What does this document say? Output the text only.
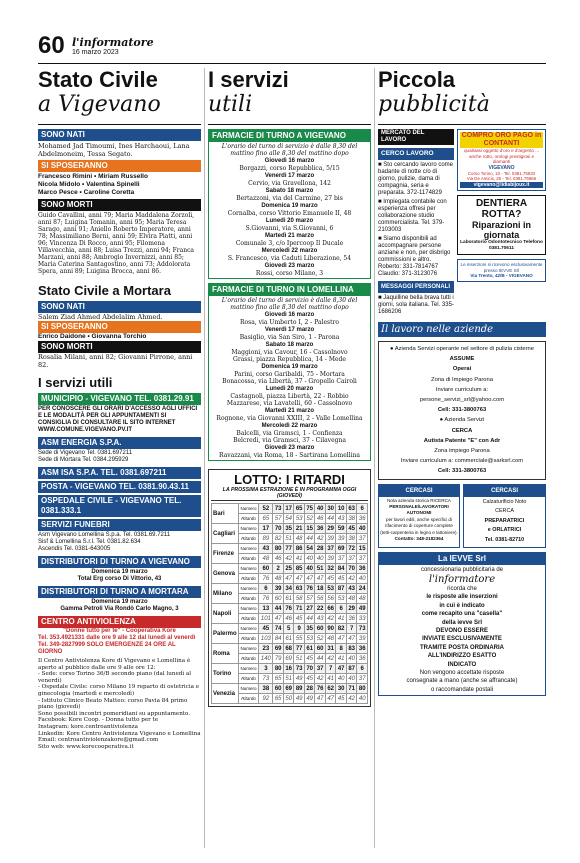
60 l'informatore
16 marzo 2023
Stato Civile
a Vigevano
SONO NATI
Mohamed Jad Timoumi, Ines Harchaoui, Lana Abdelmoneim, Tessa Segato.
SI SPOSERANNO
Francesco Rimini • Miriam Russello
Nicola Midolo • Valentina Spinelli
Marco Pesce • Caroline Coretta
SONO MORTI
Guido Cavallini, anni 79; Maria Maddalena Zorzoli, anni 87; Luigina Tomanin, anni 95; Maria Teresa Sarago, anni 91; Aniello Roberto Imperatore, anni 78; Massimiliano Berni, anni 59; Elvira Piatti, anni 96; Vincenza Di Rocco, anni 95; Filomena Villavecchia, anni 88; Luisa Trezzi, anni 94; Franca Marzani, anni 88; Ambrogio Invernizzi, anni 85; Maria Caterina Santagostino, anni 73; Addolorata Spera, anni 89; Luigina Brocca, anni 86.
Stato Civile a Mortara
SONO NATI
Salem Ziad Ahmed Abdelalim Ahmed.
SI SPOSERANNO
Enrico Daidone • Giovanna Torchio
SONO MORTI
Rosalia Milani, anni 82; Giovanni Pirrone, anni 82.
I servizi utili
MUNICIPIO - VIGEVANO TEL. 0381.29.91
PER CONOSCERE GLI ORARI D'ACCESSO AGLI UFFICI E LE MODALITÀ PER GLI APPUNTAMENTI SI CONSIGLIA DI CONSULTARE IL SITO INTERNET WWW.COMUNE.VIGEVANO.PV.IT
ASM ENERGIA S.P.A.
Sede di Vigevano Tel. 0381.697211
Sede di Mortara Tel. 0384.295929
ASM ISA S.P.A. TEL. 0381.697211
POSTA - VIGEVANO TEL. 0381.90.43.11
OSPEDALE CIVILE - VIGEVANO TEL. 0381.333.1
SERVIZI FUNEBRI
Asm Vigevano Lomellina S.p.a. Tel. 0381.69.7211
Sisf & Lomellina S.r.l. Tel. 0381.82.634
Ascendis Tel. 0381-643005
DISTRIBUTORI DI TURNO A VIGEVANO
Domenica 19 marzo
Total Erg corso Di Vittorio, 43
DISTRIBUTORI DI TURNO A MORTARA
Domenica 19 marzo
Gamma Petroli Via Rondò Carlo Magno, 3
CENTRO ANTIVIOLENZA
"Donne tutto per te" - Cooperativa Kore
Tel. 353.4921331 dalle ore 9 alle 12 dal lunedì al venerdì
Tel. 349-2827999 SOLO EMERGENZE 24 ORE AL GIORNO
Il Centro Antiviolenza Kore di Vigevano e Lomellina è aperto al pubblico dalle ore 9 alle ore 12:
- Sede: corso Torino 36/B secondo piano (dal lunedì al venerdì)
- Ospedale Civile: corso Milano 19 reparto di ostetricia e ginecologia (martedì e mercoledì)
- Istituto Clinico Beato Matteo: corso Pavia 84 primo piano (giovedì)
Sono possibili incontri pomeridiani su appuntamento.
Facebook: Kore Coop. - Donna tutto per te
Instagram: kore.centroantiviolenza
Linkedin: Kore Centro Antiviolenza Vigevano e Lomellina
Email: centroantiviolenzakore@gmail.com
Sito web: www.korecooperativa.it
I servizi
utili
FARMACIE DI TURNO A VIGEVANO
L'orario del turno di servizio è dalle 8,30 del mattino fino alle 8,30 del mattino dopo
Giovedì 16 marzo
Borgazzi, corso Repubblica, 5/15
Venerdì 17 marzo
Cervio, via Gravellona, 142
Sabato 18 marzo
Bertazzoni, via del Carmine, 27 bis
Domenica 19 marzo
Cornalba, corso Vittorio Emanuele II, 48
Lunedì 20 marzo
S.Giovanni, via S.Giovanni, 6
Martedì 21 marzo
Comunale 3, c/o Ipercoop Il Ducale
Mercoledì 22 marzo
S. Francesco, via Caduti Liberazione, 54
Giovedì 23 marzo
Rossi, corso Milano, 3
FARMACIE DI TURNO IN LOMELLINA
L'orario del turno di servizio è dalle 8,30 del mattino fino alle 8,30 del mattino dopo
Giovedì 16 marzo
Rosa, via Umberto I, 2 - Palestro
Venerdì 17 marzo
Basiglio, via San Siro, 1 - Parona
Sabato 18 marzo
Maggioni, via Cavour, 16 - Cassolnovo
Grassi, piazza Repubblica, 14 - Mede
Domenica 19 marzo
Parini, corso Garibaldi, 75 - Mortara
Bonacossa, via Libertà, 37 - Gropello Cairoli
Lunedì 20 marzo
Castagnoli, piazza Libertà, 22 - Robbio
Mazzarese, via Lavatelli, 60 - Cassolnovo
Martedì 21 marzo
Rognone, via Giovanni XXIII, 2 - Valle Lomellina
Mercoledì 22 marzo
Balcelli, via Gramsci, 1 - Confienza
Belcredi, via Gramsci, 37 - Cilavegna
Giovedì 23 marzo
Ravazzani, via Roma, 18 - Sartirana Lomellina
LOTTO: I RITARDI
LA PROSSIMA ESTRAZIONE È IN PROGRAMMA OGGI (GIOVEDÌ)
Bari	Numero	52	73	17	65	75	40	30	10	63	6
	Ritardo	65	57	54	53	52	46	44	43	38	36
Cagliari	Numero	17	70	35	21	15	36	29	59	45	40
	Ritardo	89	82	51	48	44	42	39	39	38	37
Firenze	Numero	43	80	77	86	54	28	37	69	72	15
	Ritardo	48	46	42	41	40	40	39	37	37	37
Genova	Numero	60	2	25	85	40	51	32	84	70	36
	Ritardo	76	48	47	47	47	47	45	45	42	40
Milano	Numero	6	39	34	63	76	18	53	87	43	24
	Ritardo	76	60	61	58	57	56	56	53	48	48
Napoli	Numero	13	44	76	71	27	22	66	6	29	49
	Ritardo	101	47	46	45	44	43	42	41	36	33
Palermo	Numero	45	74	5	9	35	60	90	82	7	73
	Ritardo	103	84	61	55	53	52	48	47	47	39
Roma	Numero	23	69	68	77	61	60	31	8	83	36
	Ritardo	140	79	69	51	45	44	42	41	40	36
Torino	Numero	3	80	16	73	70	37	7	47	87	6
	Ritardo	73	65	51	49	45	42	41	40	40	37
Venezia	Numero	38	60	69	89	28	76	62	30	71	80
	Ritardo	92	65	50	49	49	47	47	45	42	40
Piccola
pubblicità
MERCATO DEL LAVORO
CERCO LAVORO
■ Sto cercando lavoro come badante di notte c/o di giorno, pulizie, dama di compagnia, seria e preparata. 372-1174829
■ Impiegata contabile con esperienza offresi per collaborazione studio commercialista. Tel. 379-2103003
■ Siamo disponibili ad accompagnare persone anziane e non, per disbrigo commissioni e altro. Roberto: 331-7814767 Claudio: 371-3123076
MESSAGGI PERSONALI
■ Jaquilline bella brava tutti i giorni, sola italiana. Tel. 335-1686206
COMPRO ORO PAGO in CONTANTI
qualsiasi oggetto d'oro e d'argento ... anche rotto, orologi prestigiosi e diamanti
VIGEVANO
Corso Torino, 10 - Tel. 0381.75933
Via De Amicis, 25 - Tel. 0381.75866
vigevano@lidiabijoux.it
DENTIERA ROTTA?
Riparazioni in giornata
Laboratorio Odontotecnico Telefono 0381.70611
Le inserzioni si ricevono esclusivamente presso IEVVE Srl
Via Trento, 42/B - VIGEVANO
Il lavoro nelle aziende
● Azienda Servizi operante nel settore di pulizia cisterne
ASSUME
Operai
Zona di Impiego Parona
Inviare curriculum a:
persone_servizi_srl@yahoo.com
Cell: 331-3800763
● Azienda Servizi
CERCA
Autista Patente "E" con Adr
Zona impiego Parona
Inviare curriculum a: commerciale@sarksrl.com
Cell: 331-3800763
CERCASI
Nota azienda storica RICERCA
PERSONALE/LAVORATORI AUTONOMI
per lavori edili, anche specifici di rifacimento di coperture complete (tetti-carpenteria in legno e lattoniere).
Contatto: 348-2182364
CERCASI
Calzaturificio Noto
CERCA
PREPARATRICI
e ORLATRICI
Tel. 0381-82710
La IEVVE Srl
concessionaria pubblicitaria de
l'informatore
ricorda che
le risposte alle inserzioni
in cui è indicato
come recapito una "casella"
della ievve Srl
DEVONO ESSERE
INVIATE ESCLUSIVAMENTE
TRAMITE POSTA ORDINARIA
ALL'INDIRIZZO ESATTO
INDICATO
Non vengono accettate risposte
consegnate a mano (anche se affrancate)
o raccomandate postali
